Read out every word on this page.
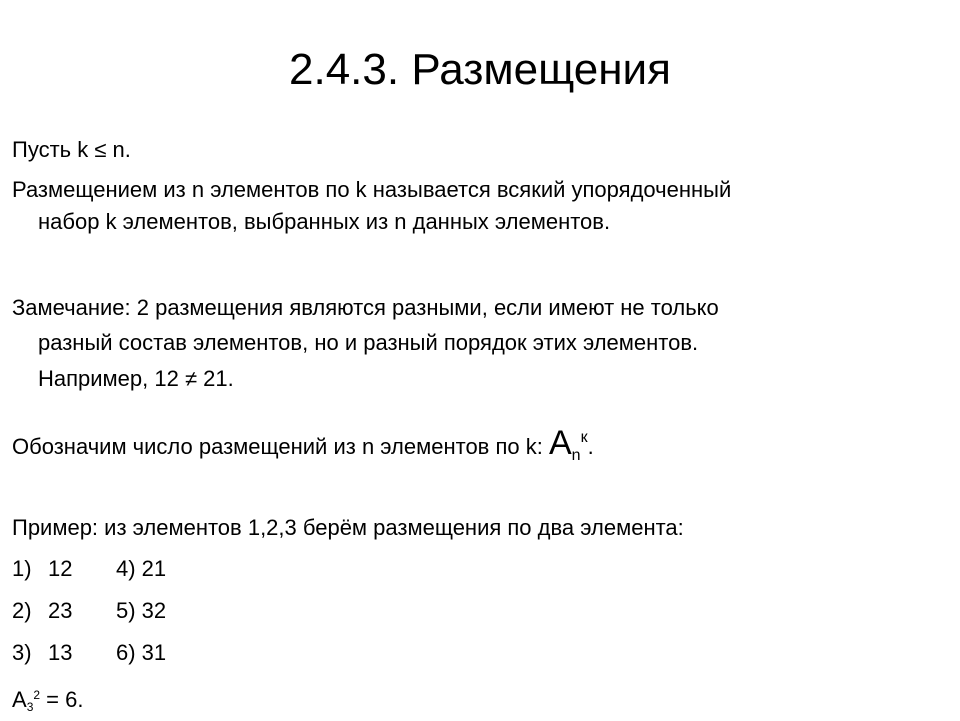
2.4.3. Размещения
Пусть k ≤ n.
Размещением из n элементов по k называется всякий упорядоченный
набор k элементов, выбранных из n данных элементов.
Замечание: 2 размещения являются разными, если имеют не только
разный состав элементов, но и разный порядок этих элементов.
Например, 12 ≠ 21.
Обозначим число размещений из n элементов по k: $A_n^к$.
Пример: из элементов 1,2,3 берём размещения по два элемента:
1) 12 4) 21
2) 23 5) 32
3) 13 6) 31
$A3^2 = 6$.
